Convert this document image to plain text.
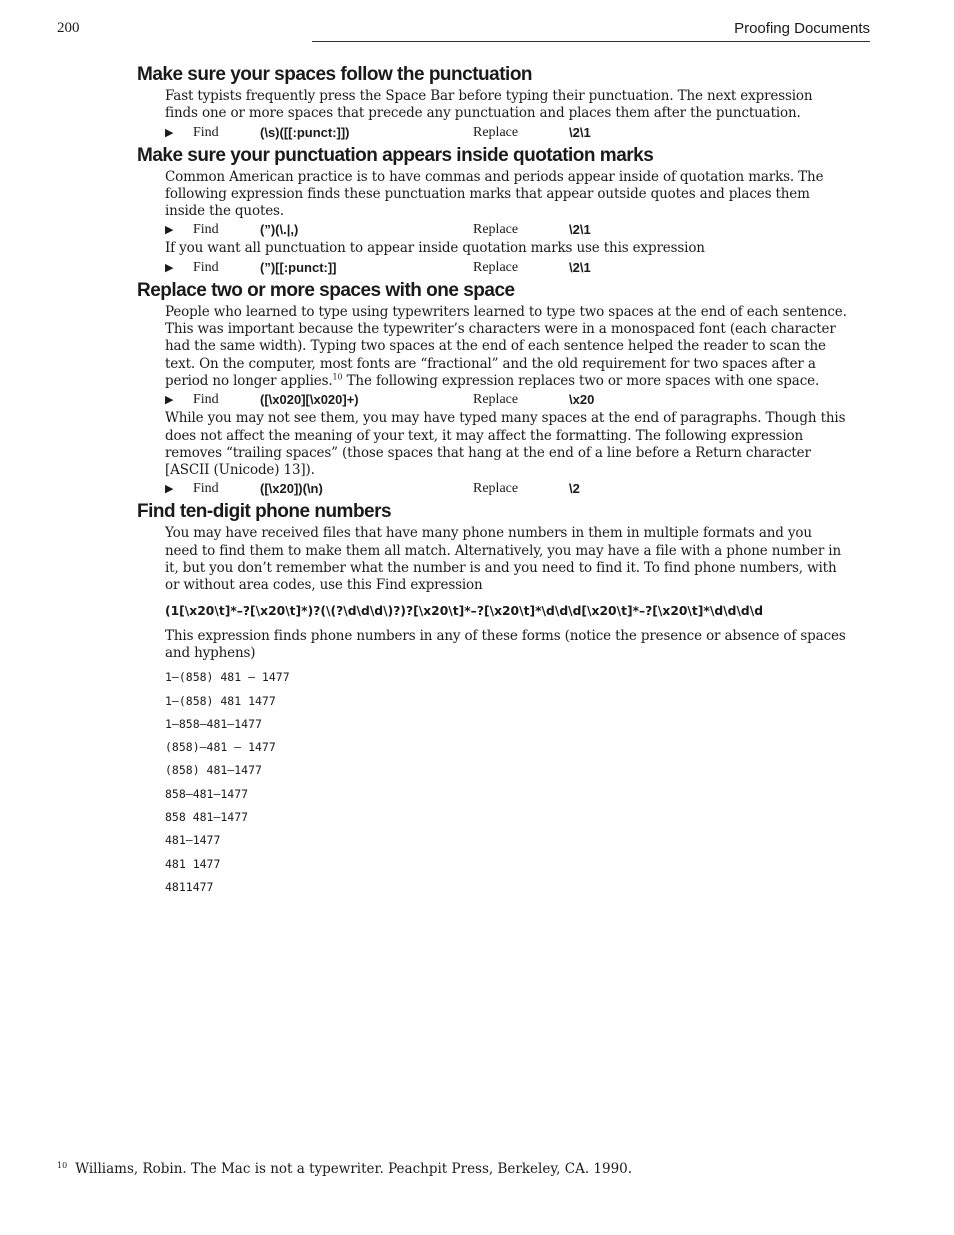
200	Proofing Documents
Make sure your spaces follow the punctuation

Fast typists frequently press the Space Bar before typing their punctuation. The next expression finds one or more spaces that precede any punctuation and places them after the punctuation.

▶ Find	(\s)([[:punct:]])	Replace	\2\1
Make sure your punctuation appears inside quotation marks

Common American practice is to have commas and periods appear inside of quotation marks. The following expression finds these punctuation marks that appear outside quotes and places them inside the quotes.

▶ Find	(”)(\.|,)	Replace	\2\1

If you want all punctuation to appear inside quotation marks use this expression

▶ Find	(”)[[:punct:]]	Replace	\2\1
Replace two or more spaces with one space

People who learned to type using typewriters learned to type two spaces at the end of each sentence. This was important because the typewriter’s characters were in a monospaced font (each character had the same width). Typing two spaces at the end of each sentence helped the reader to scan the text. On the computer, most fonts are “fractional” and the old requirement for two spaces after a period no longer applies.$^{10}$ The following expression replaces two or more spaces with one space.

▶ Find	([\x020][\x020]+)	Replace	\x20

While you may not see them, you may have typed many spaces at the end of paragraphs. Though this does not affect the meaning of your text, it may affect the formatting. The following expression removes “trailing spaces” (those spaces that hang at the end of a line before a Return character [ASCII (Unicode) 13]).

▶ Find	([\x20])(\n)	Replace	\2
Find ten-digit phone numbers

You may have received files that have many phone numbers in them in multiple formats and you need to find them to make them all match. Alternatively, you may have a file with a phone number in it, but you don’t remember what the number is and you need to find it. To find phone numbers, with or without area codes, use this Find expression

(1[\x20\t]*–?[\x20\t]*)?(\(?\d\d\d\)?)?[\x20\t]*–?[\x20\t]*\d\d\d[\x20\t]*–?[\x20\t]*\d\d\d\d

This expression finds phone numbers in any of these forms (notice the presence or absence of spaces and hyphens)

1–(858) 481 – 1477
1–(858) 481 1477
1–858–481–1477
(858)–481 – 1477
(858) 481–1477
858–481–1477
858 481–1477
481–1477
481 1477
4811477
$^{10}$ Williams, Robin. The Mac is not a typewriter. Peachpit Press, Berkeley, CA. 1990.
